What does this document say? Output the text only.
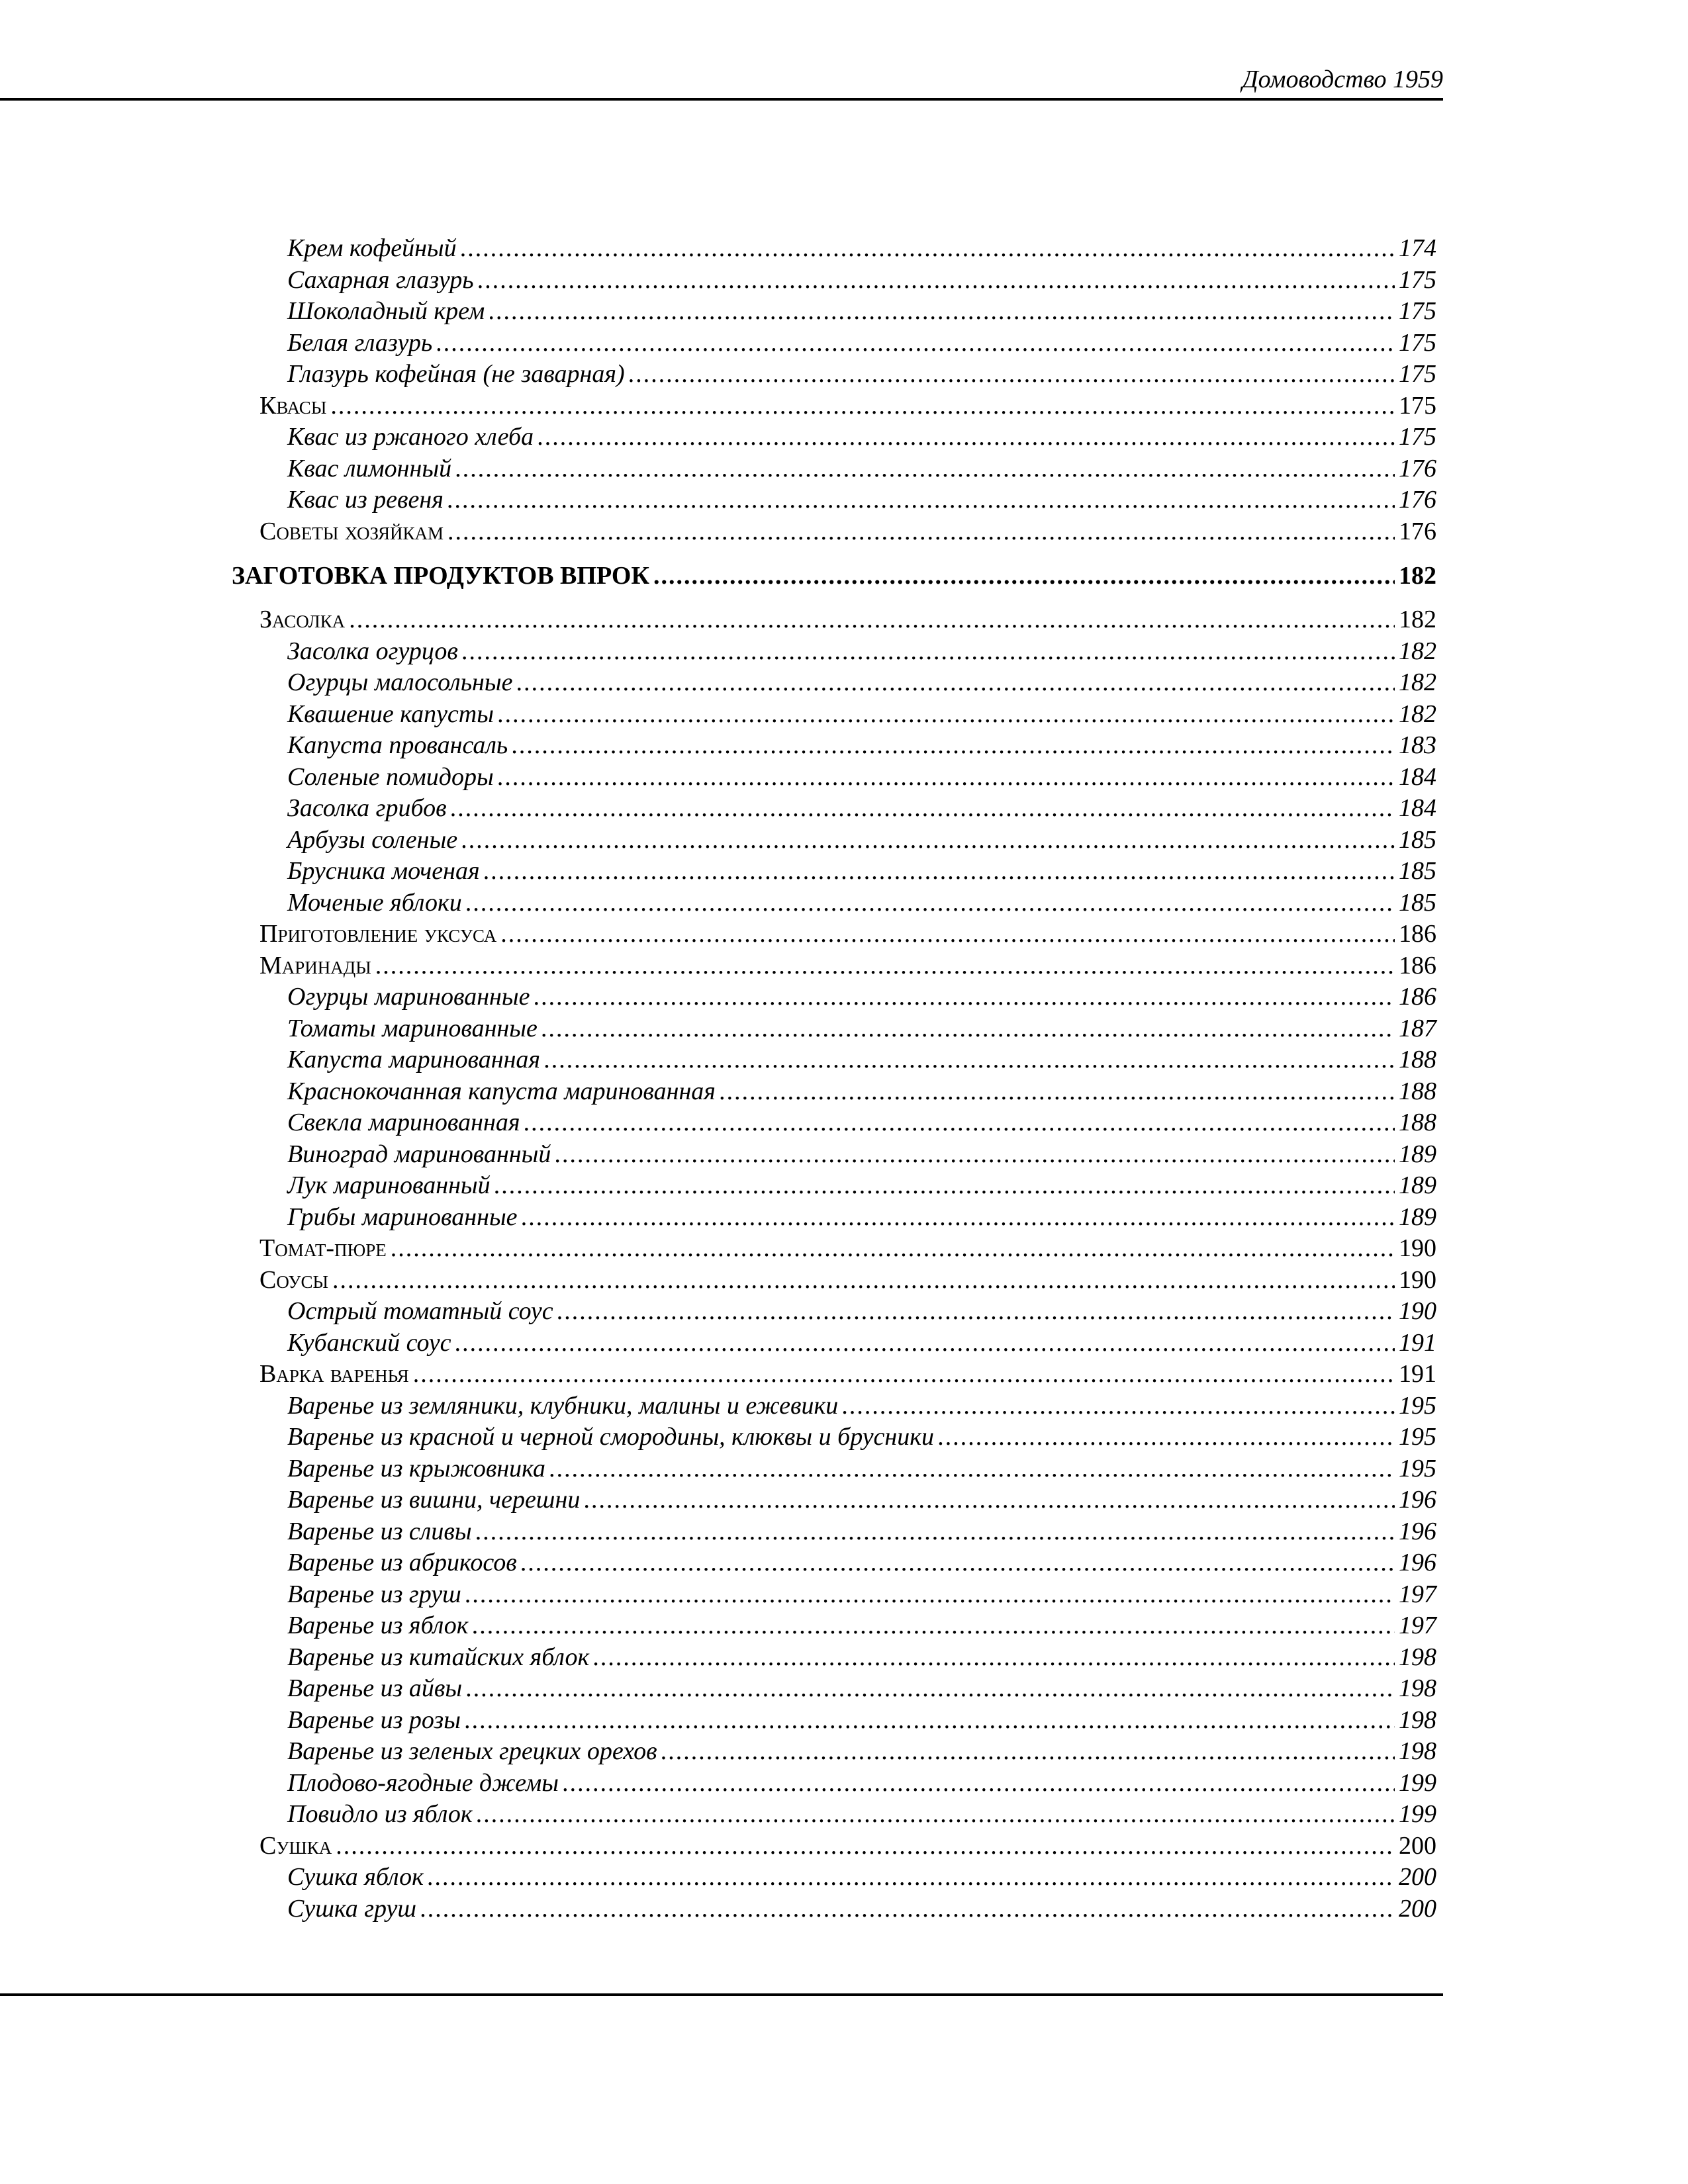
Домоводство 1959
Крем кофейный .....	174
Сахарная глазурь .....	175
Шоколадный крем .....	175
Белая глазурь .....	175
Глазурь кофейная (не заварная) .....	175
Квасы .....	175
Квас из ржаного хлеба .....	175
Квас лимонный .....	176
Квас из ревеня .....	176
Советы хозяйкам .....	176
ЗАГОТОВКА ПРОДУКТОВ ВПРОК .....	182
Засолка .....	182
Засолка огурцов .....	182
Огурцы малосольные .....	182
Квашение капусты .....	182
Капуста провансаль .....	183
Соленые помидоры .....	184
Засолка грибов .....	184
Арбузы соленые .....	185
Брусника моченая .....	185
Моченые яблоки .....	185
Приготовление уксуса .....	186
Маринады .....	186
Огурцы маринованные .....	186
Томаты маринованные .....	187
Капуста маринованная .....	188
Краснокочанная капуста маринованная .....	188
Свекла маринованная .....	188
Виноград маринованный .....	189
Лук маринованный .....	189
Грибы маринованные .....	189
Томат-пюре .....	190
Соусы .....	190
Острый томатный соус .....	190
Кубанский соус .....	191
Варка варенья .....	191
Варенье из земляники, клубники, малины и ежевики .....	195
Варенье из красной и черной смородины, клюквы и брусники .....	195
Варенье из крыжовника .....	195
Варенье из вишни, черешни .....	196
Варенье из сливы .....	196
Варенье из абрикосов .....	196
Варенье из груш .....	197
Варенье из яблок .....	197
Варенье из китайских яблок .....	198
Варенье из айвы .....	198
Варенье из розы .....	198
Варенье из зеленых грецких орехов .....	198
Плодово-ягодные джемы .....	199
Повидло из яблок .....	199
Сушка .....	200
Сушка яблок .....	200
Сушка груш .....	200
